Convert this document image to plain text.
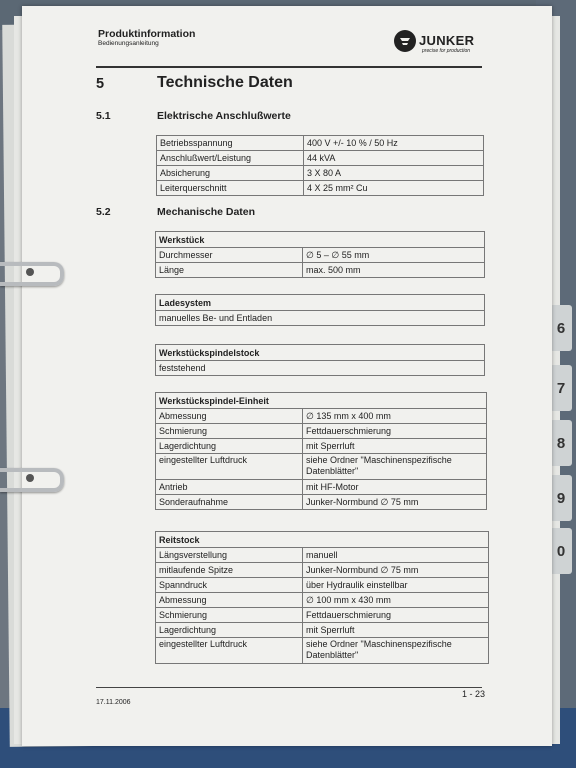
6
7
8
9
0
Produktinformation
Bedienungsanleitung	JUNKER
precise for production
5	Technische Daten
5.1	Elektrische Anschlußwerte
Betriebsspannung	400 V +/- 10 % / 50 Hz
Anschlußwert/Leistung	44 kVA
Absicherung	3 X 80 A
Leiterquerschnitt	4 X 25 mm² Cu
5.2	Mechanische Daten
Werkstück	
Durchmesser	∅ 5 – ∅ 55 mm
Länge	max. 500 mm
Ladesystem
manuelles Be- und Entladen
Werkstückspindelstock
feststehend
Werkstückspindel-Einheit	
Abmessung	∅ 135 mm x 400 mm
Schmierung	Fettdauerschmierung
Lagerdichtung	mit Sperrluft
eingestellter Luftdruck	siehe Ordner "Maschinenspezifische Datenblätter"
Antrieb	mit HF-Motor
Sonderaufnahme	Junker-Normbund ∅ 75 mm
Reitstock	
Längsverstellung	manuell
mitlaufende Spitze	Junker-Normbund ∅ 75 mm
Spanndruck	über Hydraulik einstellbar
Abmessung	∅ 100 mm x 430 mm
Schmierung	Fettdauerschmierung
Lagerdichtung	mit Sperrluft
eingestellter Luftdruck	siehe Ordner "Maschinenspezifische Datenblätter"
17.11.2006
1 - 23
